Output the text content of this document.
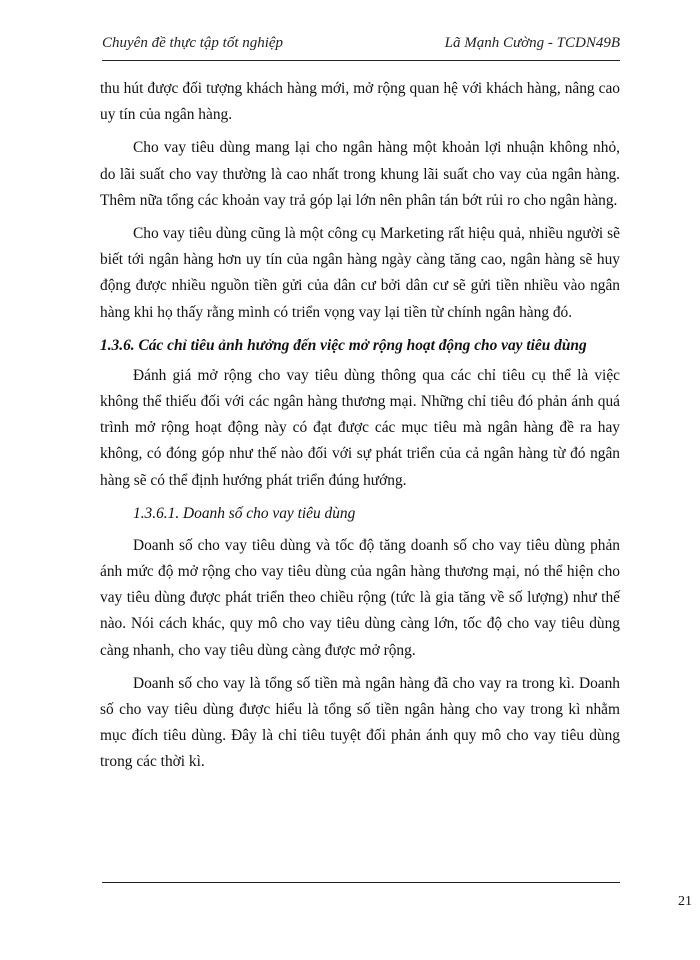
Chuyên đề thực tập tốt nghiệp	Lã Mạnh Cường - TCDN49B

thu hút được đối tượng khách hàng mới, mở rộng quan hệ với khách hàng, nâng cao uy tín của ngân hàng.

Cho vay tiêu dùng mang lại cho ngân hàng một khoản lợi nhuận không nhỏ, do lãi suất cho vay thường là cao nhất trong khung lãi suất cho vay của ngân hàng. Thêm nữa tổng các khoản vay trả góp lại lớn nên phân tán bớt rủi ro cho ngân hàng.

Cho vay tiêu dùng cũng là một công cụ Marketing rất hiệu quả, nhiều người sẽ biết tới ngân hàng hơn uy tín của ngân hàng ngày càng tăng cao, ngân hàng sẽ huy động được nhiều nguồn tiền gửi của dân cư bởi dân cư sẽ gửi tiền nhiều vào ngân hàng khi họ thấy rằng mình có triển vọng vay lại tiền từ chính ngân hàng đó.

1.3.6. Các chỉ tiêu ảnh hưởng đến việc mở rộng hoạt động cho vay tiêu dùng

Đánh giá mở rộng cho vay tiêu dùng thông qua các chỉ tiêu cụ thể là việc không thể thiếu đối với các ngân hàng thương mại. Những chỉ tiêu đó phản ánh quá trình mở rộng hoạt động này có đạt được các mục tiêu mà ngân hàng đề ra hay không, có đóng góp như thế nào đối với sự phát triển của cả ngân hàng từ đó ngân hàng sẽ có thể định hướng phát triển đúng hướng.

1.3.6.1. Doanh số cho vay tiêu dùng

Doanh số cho vay tiêu dùng và tốc độ tăng doanh số cho vay tiêu dùng phản ánh mức độ mở rộng cho vay tiêu dùng của ngân hàng thương mại, nó thể hiện cho vay tiêu dùng được phát triển theo chiều rộng (tức là gia tăng về số lượng) như thế nào. Nói cách khác, quy mô cho vay tiêu dùng càng lớn, tốc độ cho vay tiêu dùng càng nhanh, cho vay tiêu dùng càng được mở rộng.

Doanh số cho vay là tổng số tiền mà ngân hàng đã cho vay ra trong kì. Doanh số cho vay tiêu dùng được hiểu là tổng số tiền ngân hàng cho vay trong kì nhằm mục đích tiêu dùng. Đây là chỉ tiêu tuyệt đối phản ánh quy mô cho vay tiêu dùng trong các thời kì.

21
